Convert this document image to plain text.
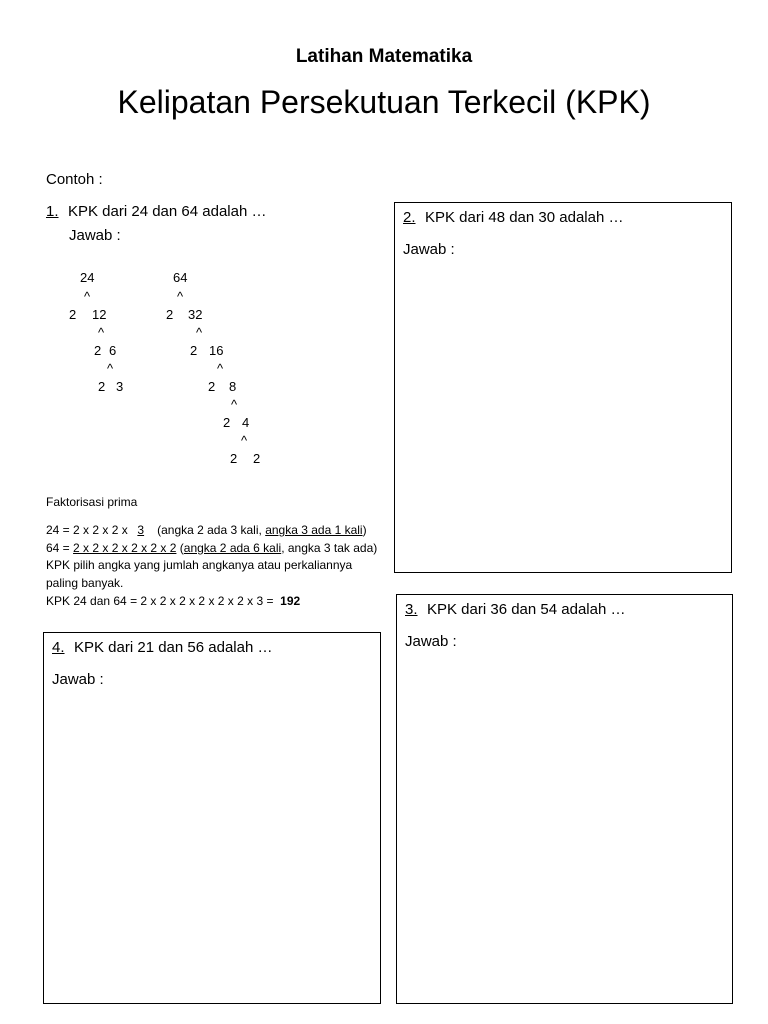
Latihan Matematika
Kelipatan Persekutuan Terkecil (KPK)
Contoh :
1. KPK dari 24 dan 64 adalah …
Jawab :
24
^
2 12
^
2 6
^
2 3
64
^
2 32
^
2 16
^
2 8
^
2 4
^
2 2
Faktorisasi prima
24 = 2 x 2 x 2 x 3 (angka 2 ada 3 kali, angka 3 ada 1 kali)
64 = 2 x 2 x 2 x 2 x 2 x 2 (angka 2 ada 6 kali, angka 3 tak ada)
KPK pilih angka yang jumlah angkanya atau perkaliannya
paling banyak.
KPK 24 dan 64 = 2 x 2 x 2 x 2 x 2 x 2 x 3 = 192
2. KPK dari 48 dan 30 adalah …
Jawab :
3. KPK dari 36 dan 54 adalah …
Jawab :
4. KPK dari 21 dan 56 adalah …
Jawab :
